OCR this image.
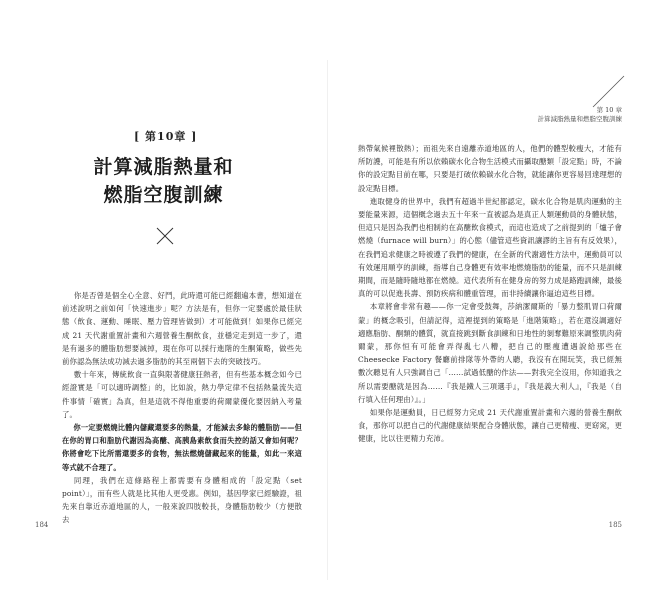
[ 第10章 ]
計算減脂熱量和
燃脂空腹訓練

你是否曾是個全心全意、好鬥，此時還可能已經翻遍本書，想知道在前述說明之前如何「快速進步」呢？方法是有，但你一定要處於最佳狀態（飲食、運動、睡眠、壓力管理皆做到）才可能做到！如果你已經完成 21 天代謝重置計畫和六週營養生酮飲食，並穩定走到這一步了，還是有過多的體脂肪想要減掉，現在你可以採行進階的生酮策略，做些先前你認為無法成功減去過多脂肪的其至兩個下去的突破技巧。

數十年來，傳統飲食一直與限著健康狂熱者，但有些基本概念如今已經證實是「可以適時調整」的，比如說，熱力學定律不包括熱量流失這件事情「確實」為真，但是這就不得他重要的荷爾蒙優化要因納入考量了。

你一定要燃燒比體內儲藏還要多的熱量，才能減去多餘的體脂肪——但在你的胃口和脂肪代謝因為高醣、高胰島素飲食而失控的話又會如何呢？你將會吃下比所需還要多的食物，無法燃燒儲藏起來的能量，如此一來這等式就不合理了。

同理，我們在這條路程上都需要有身體相成的「設定點（set point）」，而有些人就是比其他人更受惠。例如，基因學家已經驗證，祖先來自靠近赤道地區的人，一般來說四肢較長，身體脂肪較少（方便散去

184
第 10 章
計算減脂熱量和燃脂空腹訓練

熱帶氣候裡散熱）；而祖先來自遠離赤道地區的人，他們的體型較瘦大，才能有所防護，可能是有所以依賴碳水化合物生活模式而攝取醣類「設定點」時，不論你的設定點目前在哪，只要是打破依賴碳水化合物，就能讓你更容易回達理想的設定點目標。

進取健身的世界中，我們有超過半世紀都認定，碳水化合物是肌肉運動的主要能量來源，這個概念過去五十年來一直被認為是真正人類運動員的身體狀態，但這只是因為我們也相制約在高醣飲食模式，而這也造成了之前提到的「爐子會燃燒（furnace will burn）」的心態（儘管這些資訊讓謬的主旨有有反效果），在我們追求健康之時被遵了我們的健康，在全新的代謝適性方法中，運動員可以有效運用順亨的訓練，指導自己身體更有效率地燃燒脂肪的能量，而不只是訓練期間，而是隨時隨地都在燃燒。這代表所有在健身房的努力成是路跑訓練，最後真的可以促進長壽、預防疾病和體重管理，而非持續讓你逼迫這些目標。

本章將會非常有趣——你一定會受鼓舞，莎納潔爾斯的「暴力整肌胃口荷爾蒙」的概念吸引，但請記得，這裡提到的策略是「進階策略」，若在還沒調適好適應脂肪、酮類的體質，就直接跳到斷食訓練和日地性的剝奪難原來調整肌肉荷爾蒙，那你恒有可能會弄得亂七八糟，把自己的壓瘦遭遇說給那些在 Cheesecke Factory 餐廳前排隊等外帶的人聽，我沒有在開玩笑，我已經無數次聽見有人只強調自己「……試過低醣的作法——對我完全沒用，你知道我之所以需要醣就是因為……『我是鐵人三項選手』，『我是義大利人』，『我是（自行填入任何理由）』。」

如果你是運動員，日已經努力完成 21 天代謝重置計畫和六週的營養生酮飲食，那你可以把自己的代謝健康結果配合身體狀態，讓自己更精瘦、更窈窕，更健康，比以往更精力充沛。

185
